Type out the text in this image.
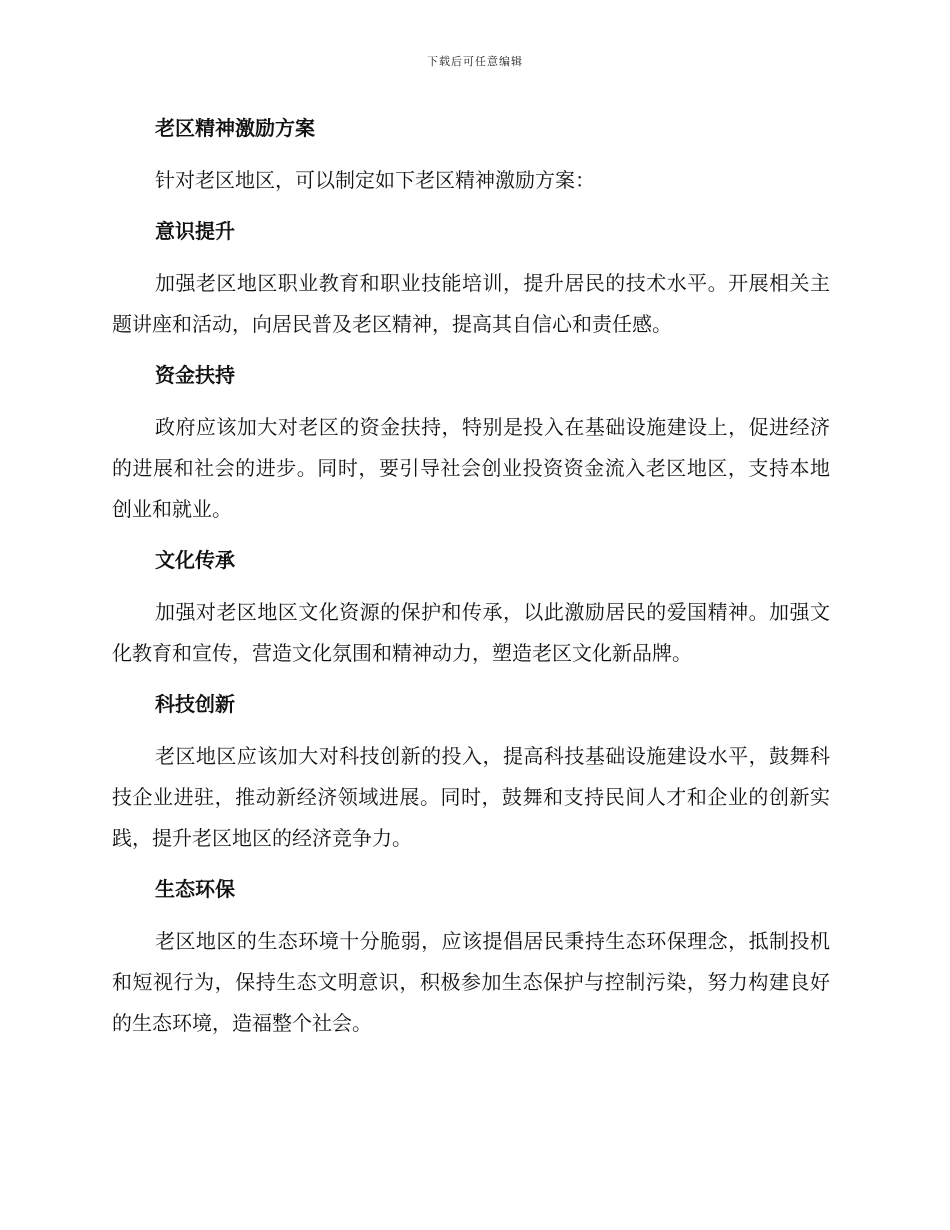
下载后可任意编辑
老区精神激励方案

针对老区地区，可以制定如下老区精神激励方案：

意识提升

加强老区地区职业教育和职业技能培训，提升居民的技术水平。开展相关主题讲座和活动，向居民普及老区精神，提高其自信心和责任感。

资金扶持

政府应该加大对老区的资金扶持，特别是投入在基础设施建设上，促进经济的进展和社会的进步。同时，要引导社会创业投资资金流入老区地区，支持本地创业和就业。

文化传承

加强对老区地区文化资源的保护和传承，以此激励居民的爱国精神。加强文化教育和宣传，营造文化氛围和精神动力，塑造老区文化新品牌。

科技创新

老区地区应该加大对科技创新的投入，提高科技基础设施建设水平，鼓舞科技企业进驻，推动新经济领域进展。同时，鼓舞和支持民间人才和企业的创新实践，提升老区地区的经济竞争力。

生态环保

老区地区的生态环境十分脆弱，应该提倡居民秉持生态环保理念，抵制投机和短视行为，保持生态文明意识，积极参加生态保护与控制污染，努力构建良好的生态环境，造福整个社会。
